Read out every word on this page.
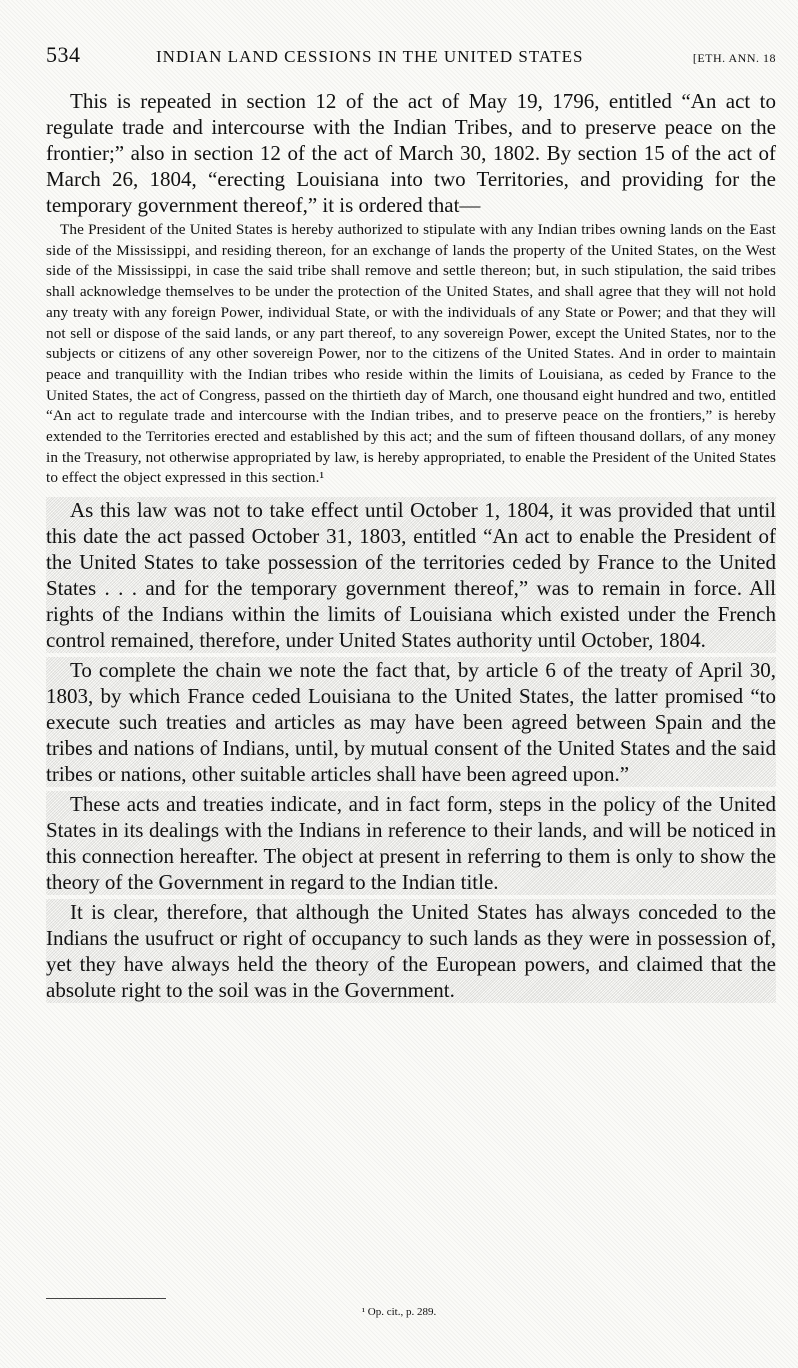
534	INDIAN LAND CESSIONS IN THE UNITED STATES	[ETH. ANN. 18

This is repeated in section 12 of the act of May 19, 1796, entitled “An act to regulate trade and intercourse with the Indian Tribes, and to preserve peace on the frontier;” also in section 12 of the act of March 30, 1802. By section 15 of the act of March 26, 1804, “erecting Louisiana into two Territories, and providing for the temporary government thereof,” it is ordered that—

The President of the United States is hereby authorized to stipulate with any Indian tribes owning lands on the East side of the Mississippi, and residing thereon, for an exchange of lands the property of the United States, on the West side of the Mississippi, in case the said tribe shall remove and settle thereon; but, in such stipulation, the said tribes shall acknowledge themselves to be under the protection of the United States, and shall agree that they will not hold any treaty with any foreign Power, individual State, or with the individuals of any State or Power; and that they will not sell or dispose of the said lands, or any part thereof, to any sovereign Power, except the United States, nor to the subjects or citizens of any other sovereign Power, nor to the citizens of the United States. And in order to maintain peace and tranquillity with the Indian tribes who reside within the limits of Louisiana, as ceded by France to the United States, the act of Congress, passed on the thirtieth day of March, one thousand eight hundred and two, entitled “An act to regulate trade and intercourse with the Indian tribes, and to preserve peace on the frontiers,” is hereby extended to the Territories erected and established by this act; and the sum of fifteen thousand dollars, of any money in the Treasury, not otherwise appropriated by law, is hereby appropriated, to enable the President of the United States to effect the object expressed in this section.¹

As this law was not to take effect until October 1, 1804, it was provided that until this date the act passed October 31, 1803, entitled “An act to enable the President of the United States to take possession of the territories ceded by France to the United States . . . and for the temporary government thereof,” was to remain in force. All rights of the Indians within the limits of Louisiana which existed under the French control remained, therefore, under United States authority until October, 1804.

To complete the chain we note the fact that, by article 6 of the treaty of April 30, 1803, by which France ceded Louisiana to the United States, the latter promised “to execute such treaties and articles as may have been agreed between Spain and the tribes and nations of Indians, until, by mutual consent of the United States and the said tribes or nations, other suitable articles shall have been agreed upon.”

These acts and treaties indicate, and in fact form, steps in the policy of the United States in its dealings with the Indians in reference to their lands, and will be noticed in this connection hereafter. The object at present in referring to them is only to show the theory of the Government in regard to the Indian title.

It is clear, therefore, that although the United States has always conceded to the Indians the usufruct or right of occupancy to such lands as they were in possession of, yet they have always held the theory of the European powers, and claimed that the absolute right to the soil was in the Government.

¹ Op. cit., p. 289.
